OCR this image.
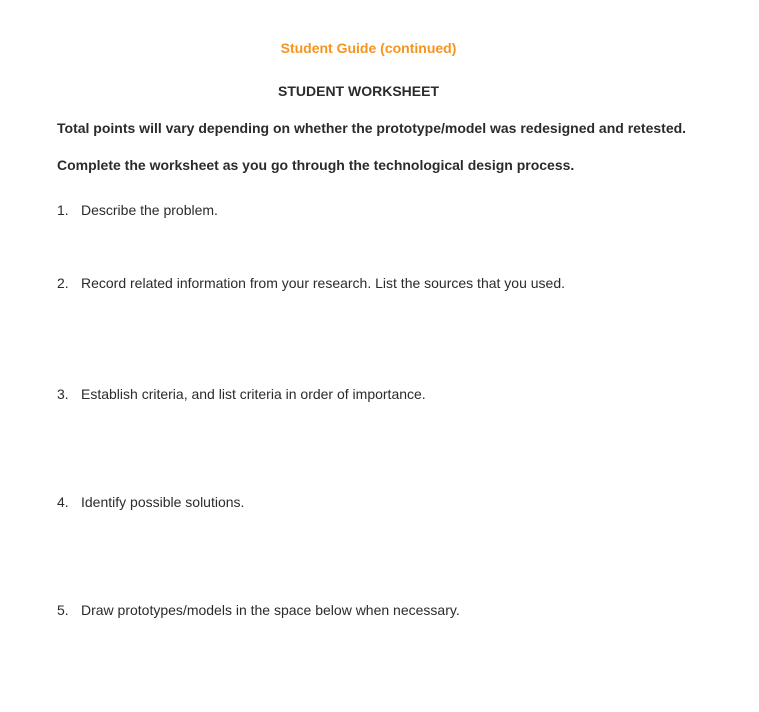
Student Guide (continued)
STUDENT WORKSHEET
Total points will vary depending on whether the prototype/model was redesigned and retested.
Complete the worksheet as you go through the technological design process.
1. Describe the problem.
2. Record related information from your research. List the sources that you used.
3. Establish criteria, and list criteria in order of importance.
4. Identify possible solutions.
5. Draw prototypes/models in the space below when necessary.
